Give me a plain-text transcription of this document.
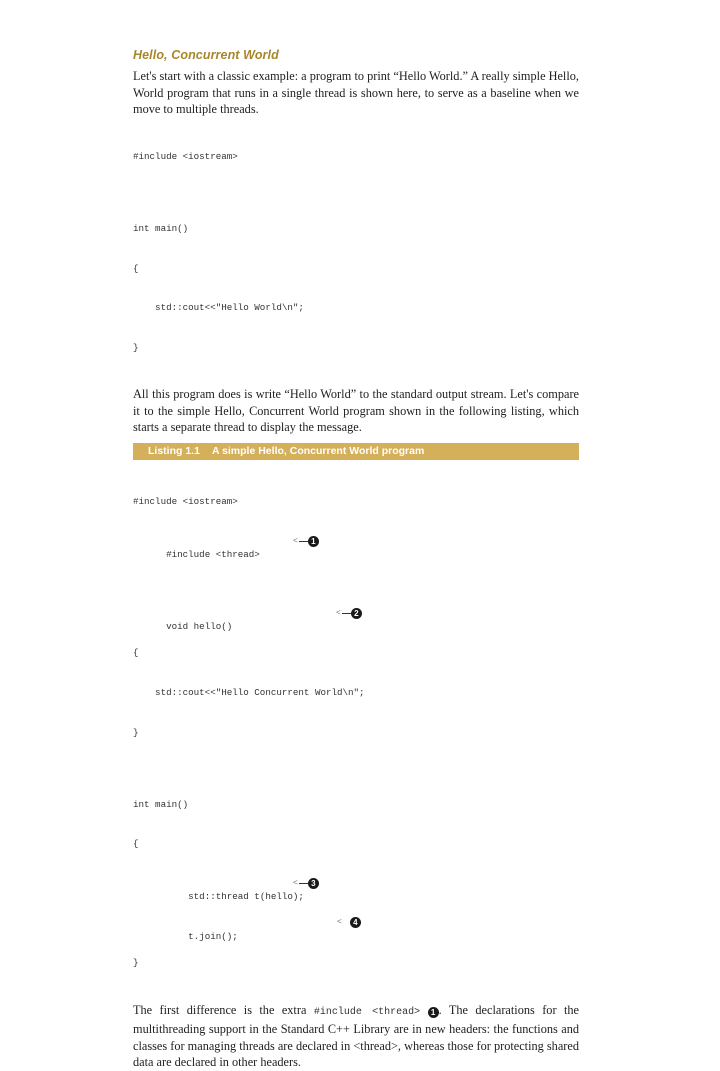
Hello, Concurrent World

Let's start with a classic example: a program to print “Hello World.” A really simple Hello, World program that runs in a single thread is shown here, to serve as a baseline when we move to multiple threads.

#include <iostream>

int main()

{

std::cout<<"Hello World\n";

}

All this program does is write “Hello World” to the standard output stream. Let's compare it to the simple Hello, Concurrent World program shown in the following listing, which starts a separate thread to display the message.

Listing 1.1 A simple Hello, Concurrent World program

#include <iostream>

#include <thread>

<	1

void hello()

<	2

{

std::cout<<"Hello Concurrent World\n";

}

int main()

{

std::thread t(hello);

<	3

t.join();

<	4

}

The first difference is the extra #include <thread> 1 . The declarations for the multithreading support in the Standard C++ Library are in new headers: the functions and classes for managing threads are declared in <thread>, whereas those for protecting shared data are declared in other headers.
